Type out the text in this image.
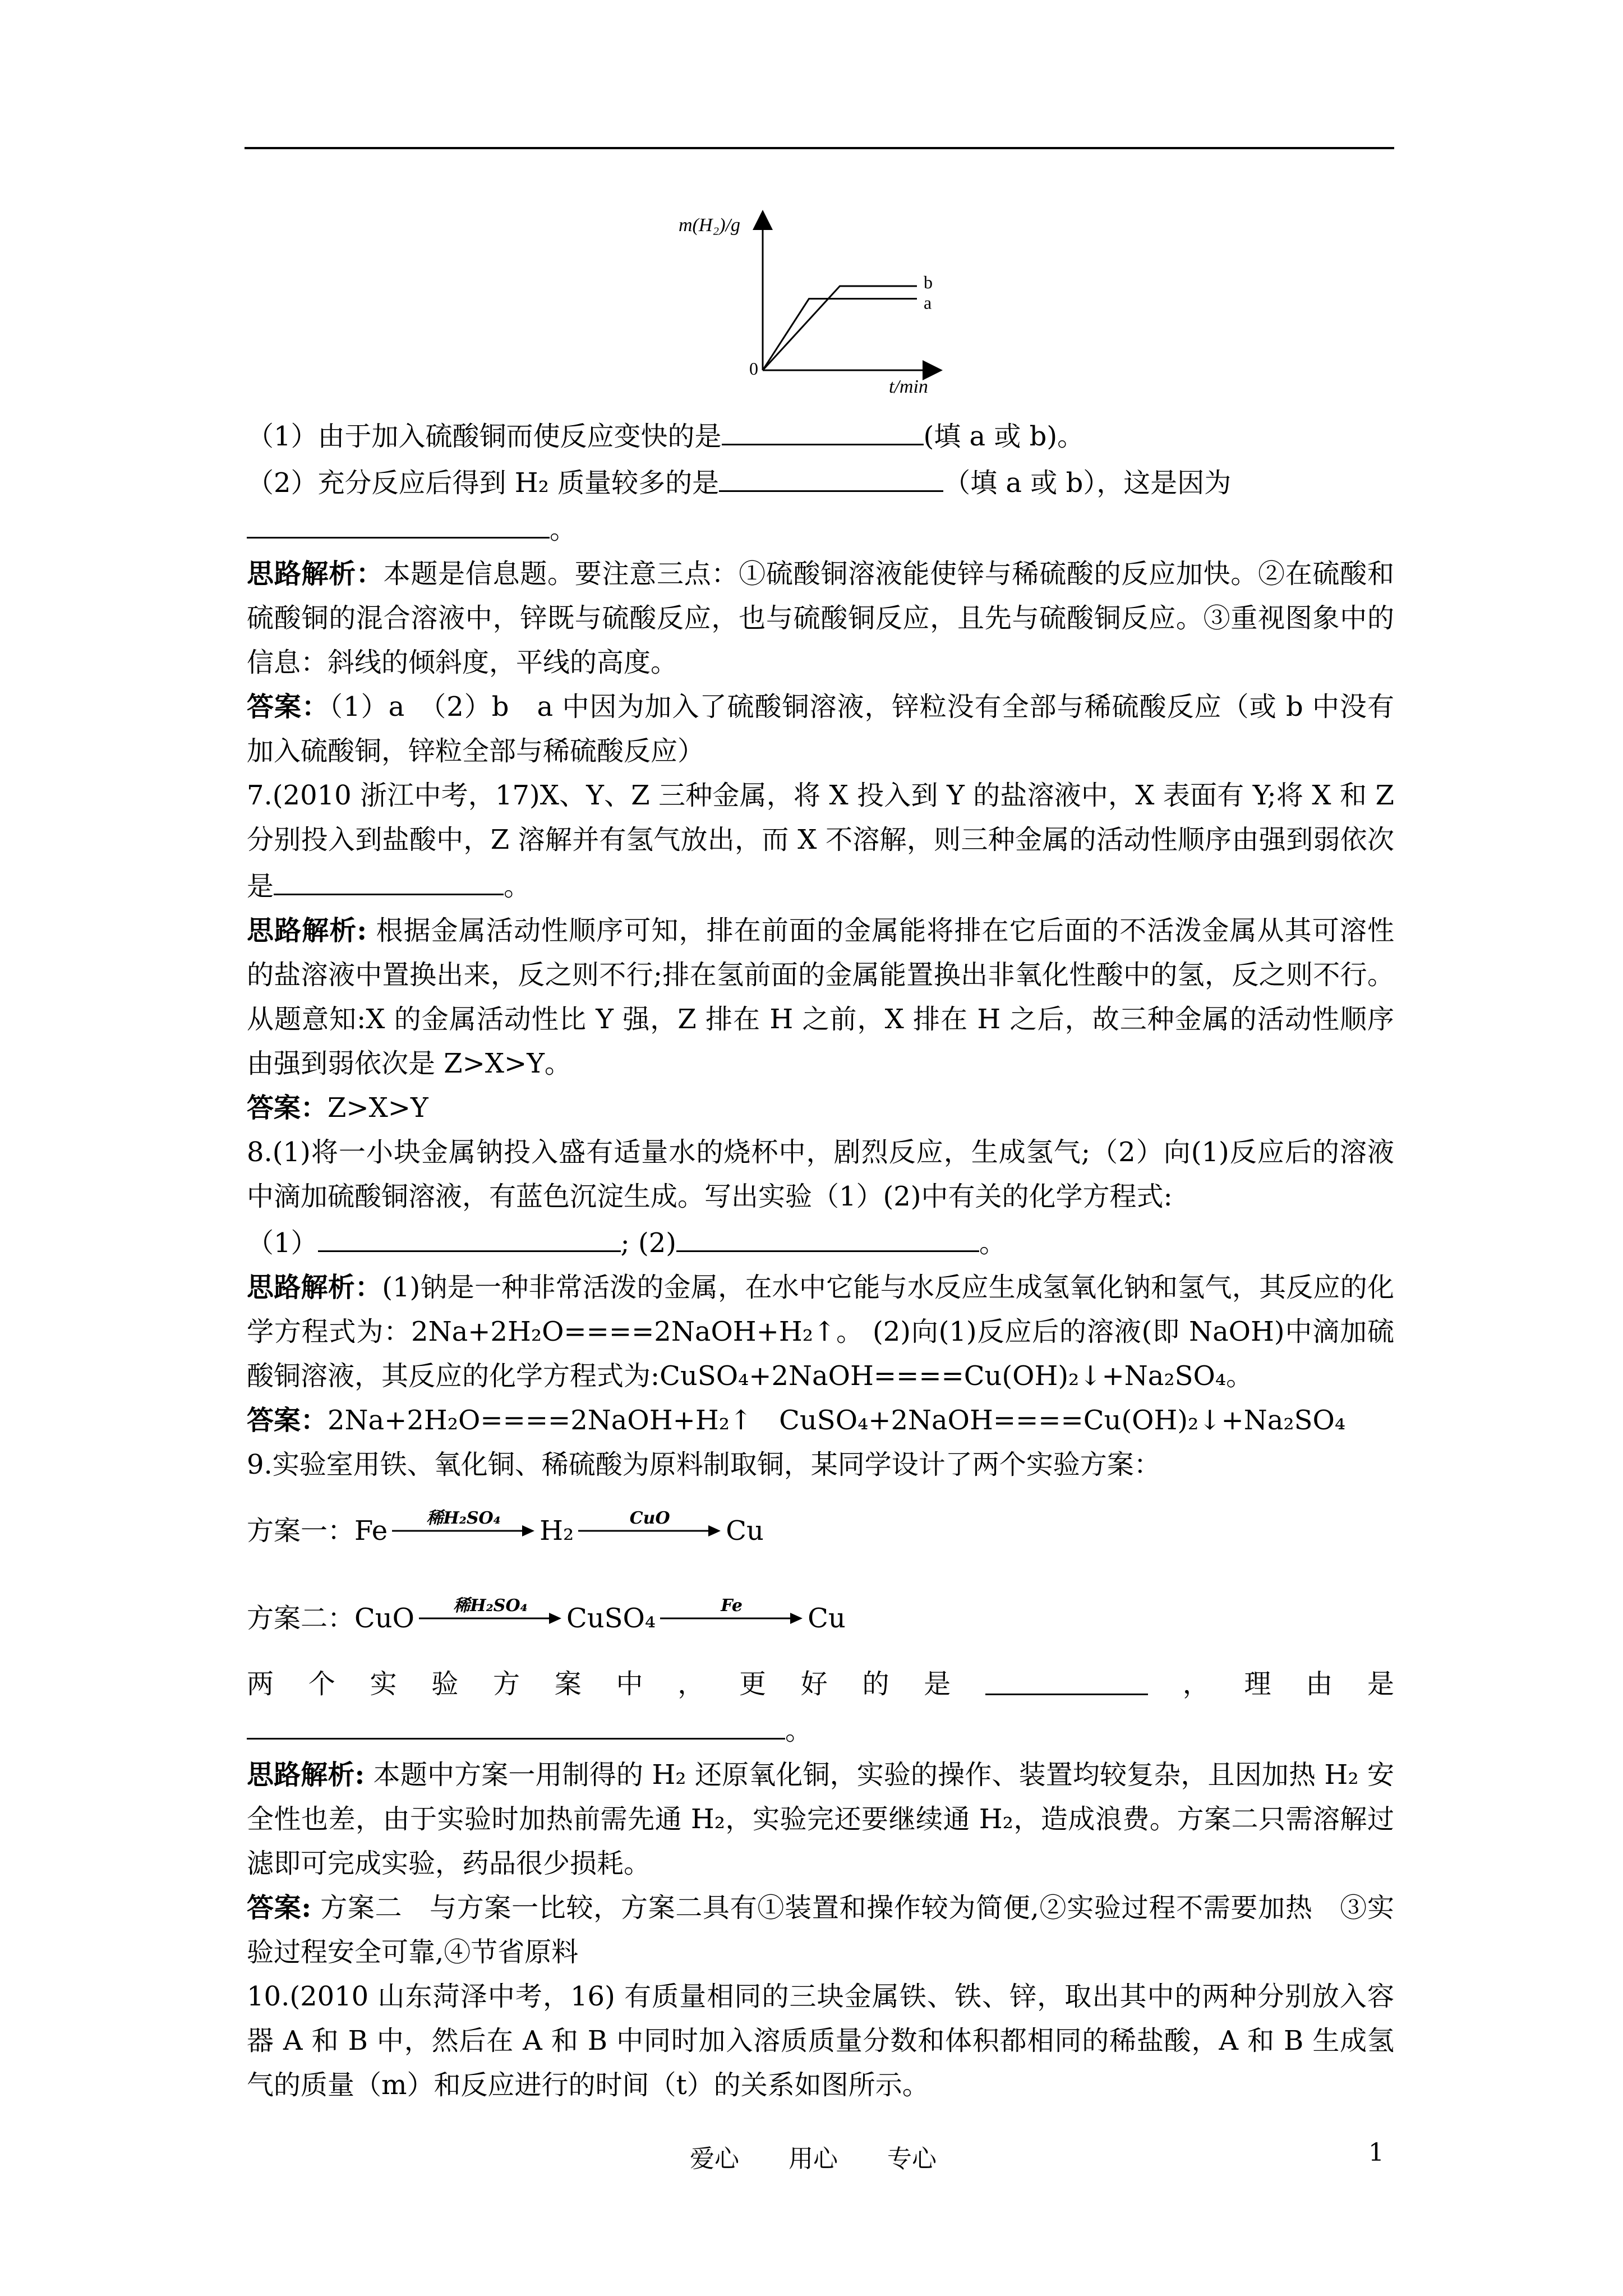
m(H₂)/g
t/min
0
b
a

（1）由于加入硫酸铜而使反应变快的是	(填 a 或 b)。

（2）充分反应后得到 H₂ 质量较多的是	（填 a 或 b），这是因为

。

思路解析：本题是信息题。要注意三点：①硫酸铜溶液能使锌与稀硫酸的反应加快。②在硫酸和硫酸铜的混合溶液中，锌既与硫酸反应，也与硫酸铜反应，且先与硫酸铜反应。③重视图象中的信息：斜线的倾斜度，平线的高度。

答案：（1）a　（2）b　a 中因为加入了硫酸铜溶液，锌粒没有全部与稀硫酸反应（或 b 中没有加入硫酸铜，锌粒全部与稀硫酸反应）

7.(2010 浙江中考，17)X、Y、Z 三种金属，将 X 投入到 Y 的盐溶液中，X 表面有 Y;将 X 和 Z 分别投入到盐酸中，Z 溶解并有氢气放出，而 X 不溶解，则三种金属的活动性顺序由强到弱依次是	。

思路解析: 根据金属活动性顺序可知，排在前面的金属能将排在它后面的不活泼金属从其可溶性的盐溶液中置换出来，反之则不行;排在氢前面的金属能置换出非氧化性酸中的氢，反之则不行。从题意知:X 的金属活动性比 Y 强，Z 排在 H 之前，X 排在 H 之后，故三种金属的活动性顺序由强到弱依次是 Z>X>Y。

答案：Z>X>Y

8.(1)将一小块金属钠投入盛有适量水的烧杯中，剧烈反应，生成氢气;（2）向(1)反应后的溶液中滴加硫酸铜溶液，有蓝色沉淀生成。写出实验（1）(2)中有关的化学方程式:

（1）	; (2)	。

思路解析：(1)钠是一种非常活泼的金属，在水中它能与水反应生成氢氧化钠和氢气，其反应的化学方程式为：2Na+2H₂O====2NaOH+H₂↑。 (2)向(1)反应后的溶液(即 NaOH)中滴加硫酸铜溶液，其反应的化学方程式为:CuSO₄+2NaOH====Cu(OH)₂↓+Na₂SO₄。

答案：2Na+2H₂O====2NaOH+H₂↑　CuSO₄+2NaOH====Cu(OH)₂↓+Na₂SO₄

9.实验室用铁、氧化铜、稀硫酸为原料制取铜，某同学设计了两个实验方案：

方案一： Fe	稀H₂SO₄	H₂	CuO	Cu
方案二： CuO	稀H₂SO₄	CuSO₄	Fe	Cu
两 个 实 验 方 案 中 ， 更 好 的 是	， 理 由 是

。

思路解析: 本题中方案一用制得的 H₂ 还原氧化铜，实验的操作、装置均较复杂，且因加热 H₂ 安全性也差，由于实验时加热前需先通 H₂，实验完还要继续通 H₂，造成浪费。方案二只需溶解过滤即可完成实验，药品很少损耗。

答案: 方案二　与方案一比较，方案二具有①装置和操作较为简便,②实验过程不需要加热　③实验过程安全可靠,④节省原料

10.(2010 山东菏泽中考，16) 有质量相同的三块金属铁、铁、锌，取出其中的两种分别放入容器 A 和 B 中，然后在 A 和 B 中同时加入溶质质量分数和体积都相同的稀盐酸，A 和 B 生成氢气的质量（m）和反应进行的时间（t）的关系如图所示。

爱心　　用心　　专心	1
